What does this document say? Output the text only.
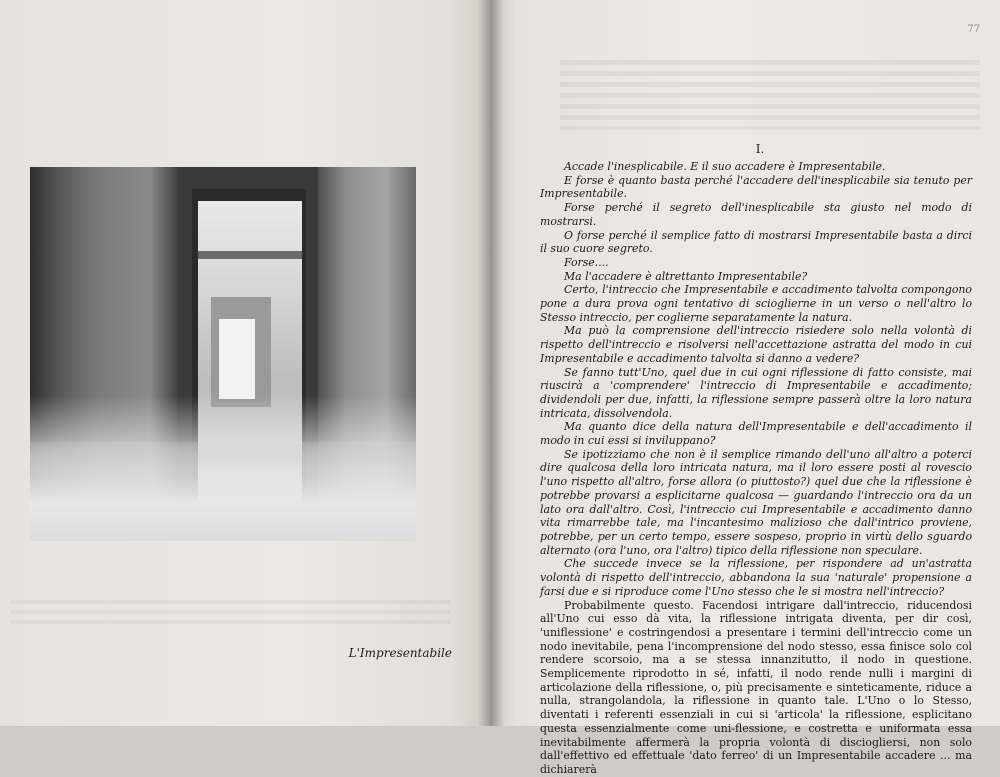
L'Impresentabile
77
I.

Accade l'inesplicabile. E il suo accadere è Impresentabile.

E forse è quanto basta perché l'accadere dell'inesplicabile sia tenuto per Impresentabile.

Forse perché il segreto dell'inesplicabile sta giusto nel modo di mostrarsi.

O forse perché il semplice fatto di mostrarsi Impresentabile basta a dirci il suo cuore segreto.

Forse....

Ma l'accadere è altrettanto Impresentabile?

Certo, l'intreccio che Impresentabile e accadimento talvolta compongono pone a dura prova ogni tentativo di scioglierne in un verso o nell'altro lo Stesso intreccio, per coglierne separatamente la natura.

Ma può la comprensione dell'intreccio risiedere solo nella volontà di rispetto dell'intreccio e risolversi nell'accettazione astratta del modo in cui Impresentabile e accadimento talvolta si danno a vedere?

Se fanno tutt'Uno, quel due in cui ogni riflessione di fatto consiste, mai riuscirà a 'comprendere' l'intreccio di Impresentabile e accadimento; dividendoli per due, infatti, la riflessione sempre passerà oltre la loro natura intricata, dissolvendola.

Ma quanto dice della natura dell'Impresentabile e dell'accadimento il modo in cui essi si inviluppano?

Se ipotizziamo che non è il semplice rimando dell'uno all'altro a poterci dire qualcosa della loro intricata natura, ma il loro essere posti al rovescio l'uno rispetto all'altro, forse allora (o piuttosto?) quel due che la riflessione è potrebbe provarsi a esplicitarne qualcosa — guardando l'intreccio ora da un lato ora dall'altro. Così, l'intreccio cui Impresentabile e accadimento danno vita rimarrebbe tale, ma l'incantesimo malizioso che dall'intrico proviene, potrebbe, per un certo tempo, essere sospeso, proprio in virtù dello sguardo alternato (ora l'uno, ora l'altro) tipico della riflessione non speculare.

Che succede invece se la riflessione, per rispondere ad un'astratta volontà di rispetto dell'intreccio, abbandona la sua 'naturale' propensione a farsi due e si riproduce come l'Uno stesso che le si mostra nell'intreccio?

Probabilmente questo. Facendosi intrigare dall'intreccio, riducendosi all'Uno cui esso dà vita, la riflessione intrigata diventa, per dir così, 'uniflessione' e costringendosi a presentare i termini dell'intreccio come un nodo inevitabile, pena l'incomprensione del nodo stesso, essa finisce solo col rendere scorsoio, ma a se stessa innanzitutto, il nodo in questione. Semplicemente riprodotto in sé, infatti, il nodo rende nulli i margini di articolazione della riflessione, o, più precisamente e sinteticamente, riduce a nulla, strangolandola, la riflessione in quanto tale. L'Uno o lo Stesso, diventati i referenti essenziali in cui si 'articola' la riflessione, esplicitano questa essenzialmente come uni-flessione, e costretta e uniformata essa inevitabilmente affermerà la propria volontà di disciogliersi, non solo dall'effettivo ed effettuale 'dato ferreo' di un Impresentabile accadere ... ma dichiarerà
